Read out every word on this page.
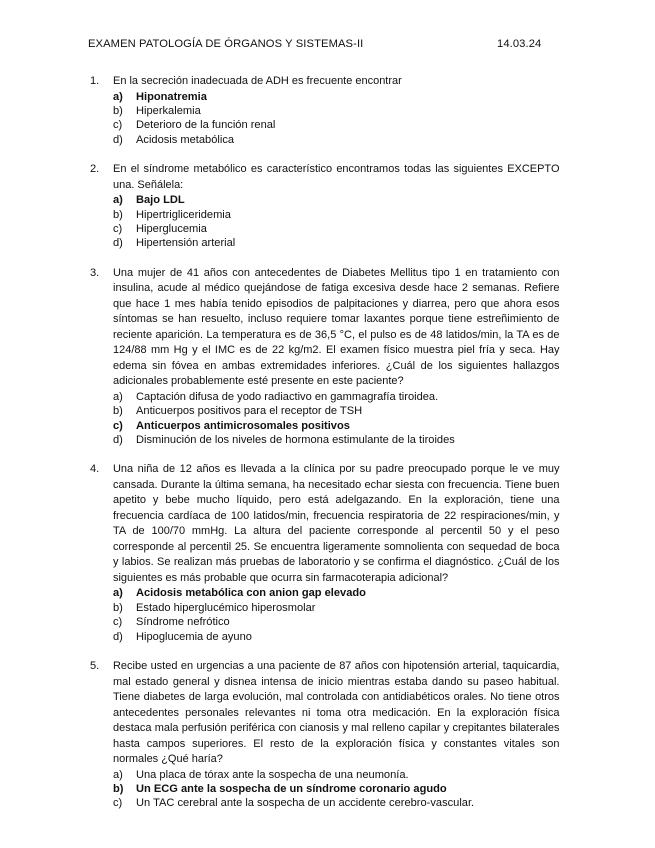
EXAMEN PATOLOGÍA DE ÓRGANOS Y SISTEMAS-II	14.03.24
1. En la secreción inadecuada de ADH es frecuente encontrar

a) Hiponatremia
b) Hiperkalemia
c) Deterioro de la función renal
d) Acidosis metabólica
2. En el síndrome metabólico es característico encontramos todas las siguientes EXCEPTO una. Señálela:

a) Bajo LDL
b) Hipertrigliceridemia
c) Hiperglucemia
d) Hipertensión arterial
3. Una mujer de 41 años con antecedentes de Diabetes Mellitus tipo 1 en tratamiento con insulina, acude al médico quejándose de fatiga excesiva desde hace 2 semanas. Refiere que hace 1 mes había tenido episodios de palpitaciones y diarrea, pero que ahora esos síntomas se han resuelto, incluso requiere tomar laxantes porque tiene estreñimiento de reciente aparición. La temperatura es de 36,5 °C, el pulso es de 48 latidos/min, la TA es de 124/88 mm Hg y el IMC es de 22 kg/m2. El examen físico muestra piel fría y seca. Hay edema sin fóvea en ambas extremidades inferiores. ¿Cuál de los siguientes hallazgos adicionales probablemente esté presente en este paciente?

a) Captación difusa de yodo radiactivo en gammagrafía tiroidea.
b) Anticuerpos positivos para el receptor de TSH
c) Anticuerpos antimicrosomales positivos
d) Disminución de los niveles de hormona estimulante de la tiroides
4. Una niña de 12 años es llevada a la clínica por su padre preocupado porque le ve muy cansada. Durante la última semana, ha necesitado echar siesta con frecuencia. Tiene buen apetito y bebe mucho líquido, pero está adelgazando. En la exploración, tiene una frecuencia cardíaca de 100 latidos/min, frecuencia respiratoria de 22 respiraciones/min, y TA de 100/70 mmHg. La altura del paciente corresponde al percentil 50 y el peso corresponde al percentil 25. Se encuentra ligeramente somnolienta con sequedad de boca y labios. Se realizan más pruebas de laboratorio y se confirma el diagnóstico. ¿Cuál de los siguientes es más probable que ocurra sin farmacoterapia adicional?

a) Acidosis metabólica con anion gap elevado
b) Estado hiperglucémico hiperosmolar
c) Síndrome nefrótico
d) Hipoglucemia de ayuno
5. Recibe usted en urgencias a una paciente de 87 años con hipotensión arterial, taquicardia, mal estado general y disnea intensa de inicio mientras estaba dando su paseo habitual. Tiene diabetes de larga evolución, mal controlada con antidiabéticos orales. No tiene otros antecedentes personales relevantes ni toma otra medicación. En la exploración física destaca mala perfusión periférica con cianosis y mal relleno capilar y crepitantes bilaterales hasta campos superiores. El resto de la exploración física y constantes vitales son normales ¿Qué haría?

a) Una placa de tórax ante la sospecha de una neumonía.
b) Un ECG ante la sospecha de un síndrome coronario agudo
c) Un TAC cerebral ante la sospecha de un accidente cerebro-vascular.
